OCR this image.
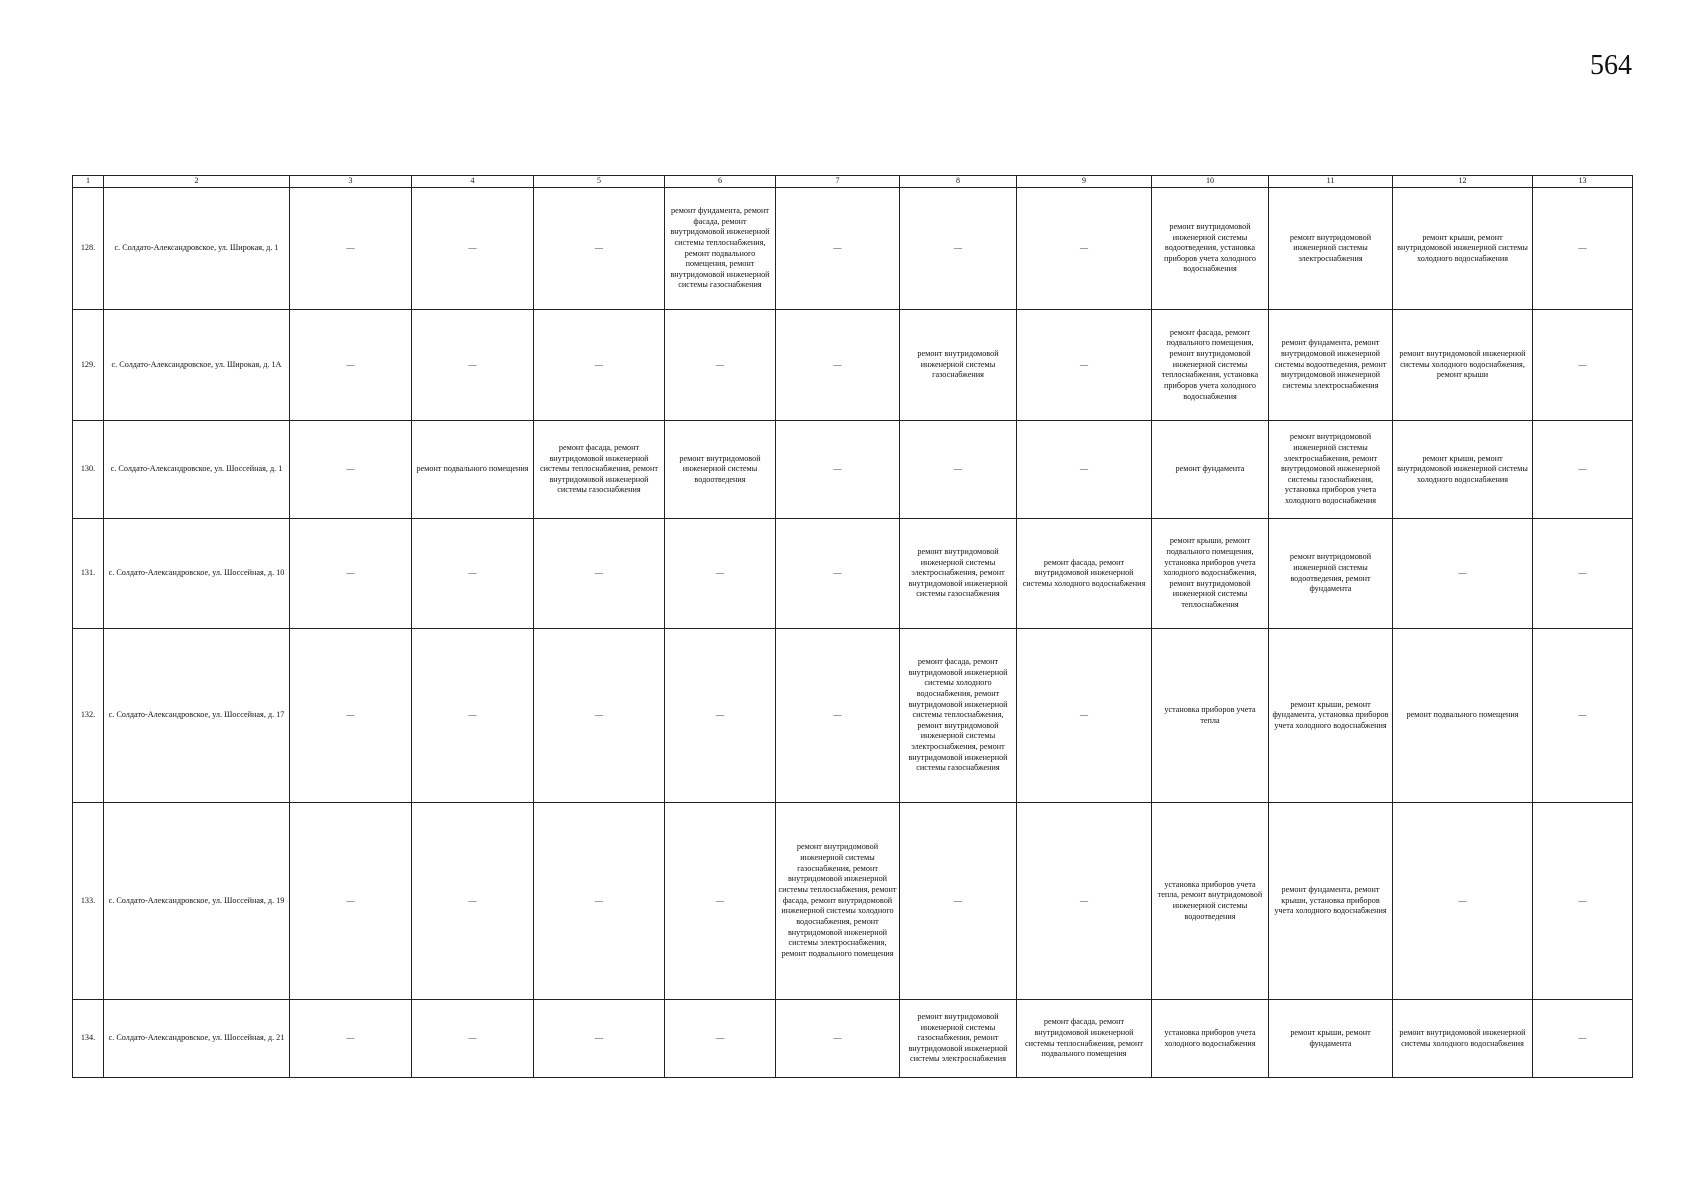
564
1	2	3	4	5	6	7	8	9	10	11	12	13
128.	с. Солдато-Александровское, ул. Широкая, д. 1	—	—	—	ремонт фундамента, ремонт фасада, ремонт внутридомовой инженерной системы теплоснабжения, ремонт подвального помещения, ремонт внутридомовой инженерной системы газоснабжения	—	—	—	ремонт внутридомовой инженерной системы водоотведения, установка приборов учета холодного водоснабжения	ремонт внутридомовой инженерной системы электроснабжения	ремонт крыши, ремонт внутридомовой инженерной системы холодного водоснабжения	—
129.	с. Солдато-Александровское, ул. Широкая, д. 1А	—	—	—	—	—	ремонт внутридомовой инженерной системы газоснабжения	—	ремонт фасада, ремонт подвального помещения, ремонт внутридомовой инженерной системы теплоснабжения, установка приборов учета холодного водоснабжения	ремонт фундамента, ремонт внутридомовой инженерной системы водоотведения, ремонт внутридомовой инженерной системы электроснабжения	ремонт внутридомовой инженерной системы холодного водоснабжения, ремонт крыши	—
130.	с. Солдато-Александровское, ул. Шоссейная, д. 1	—	ремонт подвального помещения	ремонт фасада, ремонт внутридомовой инженерной системы теплоснабжения, ремонт внутридомовой инженерной системы газоснабжения	ремонт внутридомовой инженерной системы водоотведения	—	—	—	ремонт фундамента	ремонт внутридомовой инженерной системы электроснабжения, ремонт внутридомовой инженерной системы газоснабжения, установка приборов учета холодного водоснабжения	ремонт крыши, ремонт внутридомовой инженерной системы холодного водоснабжения	—
131.	с. Солдато-Александровское, ул. Шоссейная, д. 10	—	—	—	—	—	ремонт внутридомовой инженерной системы электроснабжения, ремонт внутридомовой инженерной системы газоснабжения	ремонт фасада, ремонт внутридомовой инженерной системы холодного водоснабжения	ремонт крыши, ремонт подвального помещения, установка приборов учета холодного водоснабжения, ремонт внутридомовой инженерной системы теплоснабжения	ремонт внутридомовой инженерной системы водоотведения, ремонт фундамента	—	—
132.	с. Солдато-Александровское, ул. Шоссейная, д. 17	—	—	—	—	—	ремонт фасада, ремонт внутридомовой инженерной системы холодного водоснабжения, ремонт внутридомовой инженерной системы теплоснабжения, ремонт внутридомовой инженерной системы электроснабжения, ремонт внутридомовой инженерной системы газоснабжения	—	установка приборов учета тепла	ремонт крыши, ремонт фундамента, установка приборов учета холодного водоснабжения	ремонт подвального помещения	—
133.	с. Солдато-Александровское, ул. Шоссейная, д. 19	—	—	—	—	ремонт внутридомовой инженерной системы газоснабжения, ремонт внутридомовой инженерной системы теплоснабжения, ремонт фасада, ремонт внутридомовой инженерной системы холодного водоснабжения, ремонт внутридомовой инженерной системы электроснабжения, ремонт подвального помещения	—	—	установка приборов учета тепла, ремонт внутридомовой инженерной системы водоотведения	ремонт фундамента, ремонт крыши, установка приборов учета холодного водоснабжения	—	—
134.	с. Солдато-Александровское, ул. Шоссейная, д. 21	—	—	—	—	—	ремонт внутридомовой инженерной системы газоснабжения, ремонт внутридомовой инженерной системы электроснабжения	ремонт фасада, ремонт внутридомовой инженерной системы теплоснабжения, ремонт подвального помещения	установка приборов учета холодного водоснабжения	ремонт крыши, ремонт фундамента	ремонт внутридомовой инженерной системы холодного водоснабжения	—
